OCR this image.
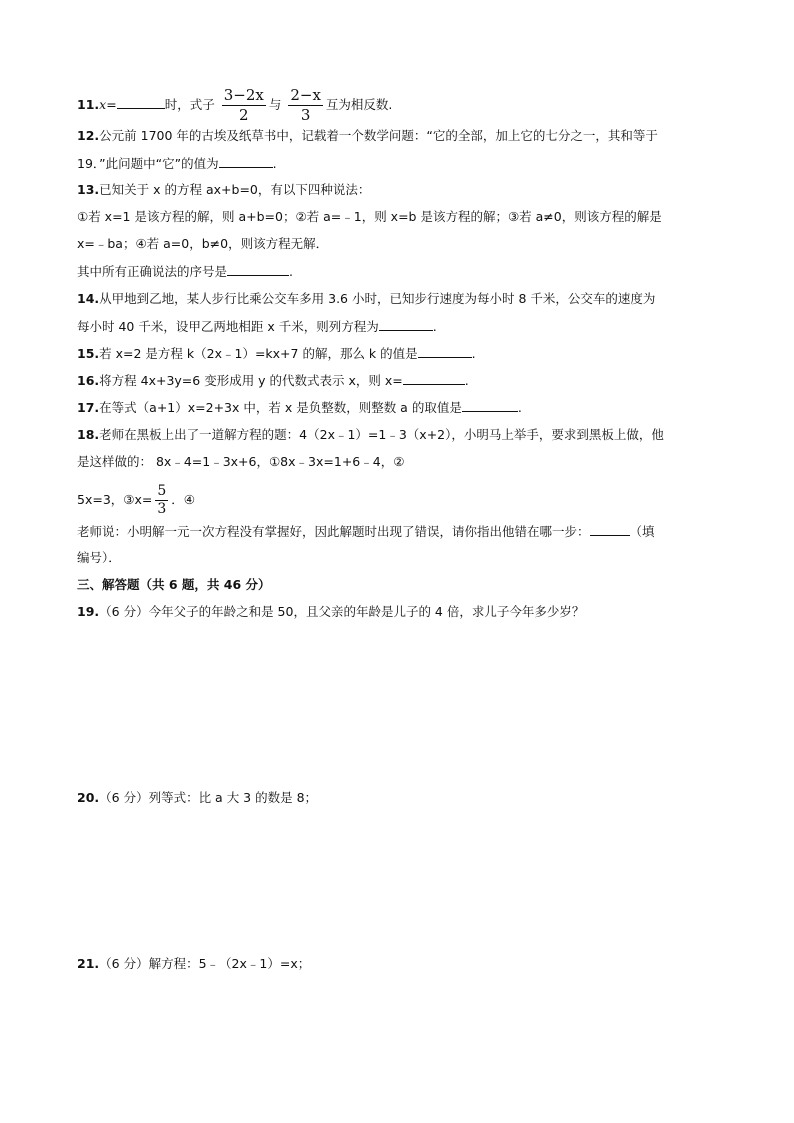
11.x=	时，式子 $\frac{3-2x}{2}$ 与 $\frac{2-x}{3}$ 互为相反数.
12.公元前 1700 年的古埃及纸草书中，记载着一个数学问题：“它的全部，加上它的七分之一，其和等于
19．”此问题中“它”的值为	.
13.已知关于 x 的方程 ax+b=0，有以下四种说法：
①若 x=1 是该方程的解，则 a+b=0；②若 a=﹣1，则 x=b 是该方程的解；③若 a≠0，则该方程的解是
x=﹣ba；④若 a=0，b≠0，则该方程无解．
其中所有正确说法的序号是	.
14.从甲地到乙地，某人步行比乘公交车多用 3.6 小时，已知步行速度为每小时 8 千米，公交车的速度为
每小时 40 千米，设甲乙两地相距 x 千米，则列方程为	.
15.若 x=2 是方程 k（2x﹣1）=kx+7 的解，那么 k 的值是	.
16.将方程 4x+3y=6 变形成用 y 的代数式表示 x，则 x=	.
17.在等式（a+1）x=2+3x 中，若 x 是负整数，则整数 a 的取值是	.
18.老师在黑板上出了一道解方程的题：4（2x﹣1）=1﹣3（x+2），小明马上举手，要求到黑板上做，他
是这样做的： 8x﹣4=1﹣3x+6，①8x﹣3x=1+6﹣4，②
5x=3，③x= $\frac{5}{3}$ ．④
老师说：小明解一元一次方程没有掌握好，因此解题时出现了错误，请你指出他错在哪一步：	（填
编号）．
三、解答题（共 6 题，共 46 分）
19.（6 分）今年父子的年龄之和是 50，且父亲的年龄是儿子的 4 倍，求儿子今年多少岁？
20.（6 分）列等式：比 a 大 3 的数是 8；
21.（6 分）解方程：5﹣（2x﹣1）=x；
